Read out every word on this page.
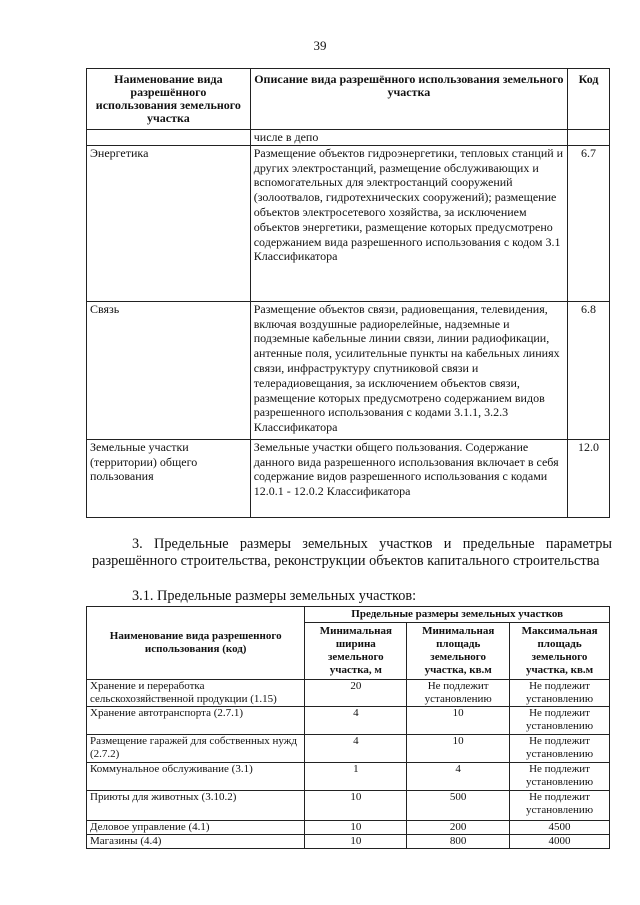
39
Наименование вида разрешённого использования земельного участка	Описание вида разрешённого использования земельного участка	Код
	числе в депо	
Энергетика	Размещение объектов гидроэнергетики, тепловых станций и других электростанций, размещение обслуживающих и вспомогательных для электростанций сооружений (золоотвалов, гидротехнических сооружений); размещение объектов электросетевого хозяйства, за исключением объектов энергетики, размещение которых предусмотрено содержанием вида разрешенного использования с кодом 3.1 Классификатора	6.7
Связь	Размещение объектов связи, радиовещания, телевидения, включая воздушные радиорелейные, надземные и подземные кабельные линии связи, линии радиофикации, антенные поля, усилительные пункты на кабельных линиях связи, инфраструктуру спутниковой связи и телерадиовещания, за исключением объектов связи, размещение которых предусмотрено содержанием видов разрешенного использования с кодами 3.1.1, 3.2.3 Классификатора	6.8
Земельные участки (территории) общего пользования	Земельные участки общего пользования. Содержание данного вида разрешенного использования включает в себя содержание видов разрешенного использования с кодами 12.0.1 - 12.0.2 Классификатора	12.0
3. Предельные размеры земельных участков и предельные параметры разрешённого строительства, реконструкции объектов капитального строительства
3.1. Предельные размеры земельных участков:
Наименование вида разрешенного использования (код)	Предельные размеры земельных участков		
	Минимальная ширина земельного участка, м	Минимальная площадь земельного участка, кв.м	Максимальная площадь земельного участка, кв.м
Хранение и переработка сельскохозяйственной продукции (1.15)	20	Не подлежит установлению	Не подлежит установлению
Хранение автотранспорта (2.7.1)	4	10	Не подлежит установлению
Размещение гаражей для собственных нужд (2.7.2)	4	10	Не подлежит установлению
Коммунальное обслуживание (3.1)	1	4	Не подлежит установлению
Приюты для животных (3.10.2)	10	500	Не подлежит установлению
Деловое управление (4.1)	10	200	4500
Магазины (4.4)	10	800	4000
